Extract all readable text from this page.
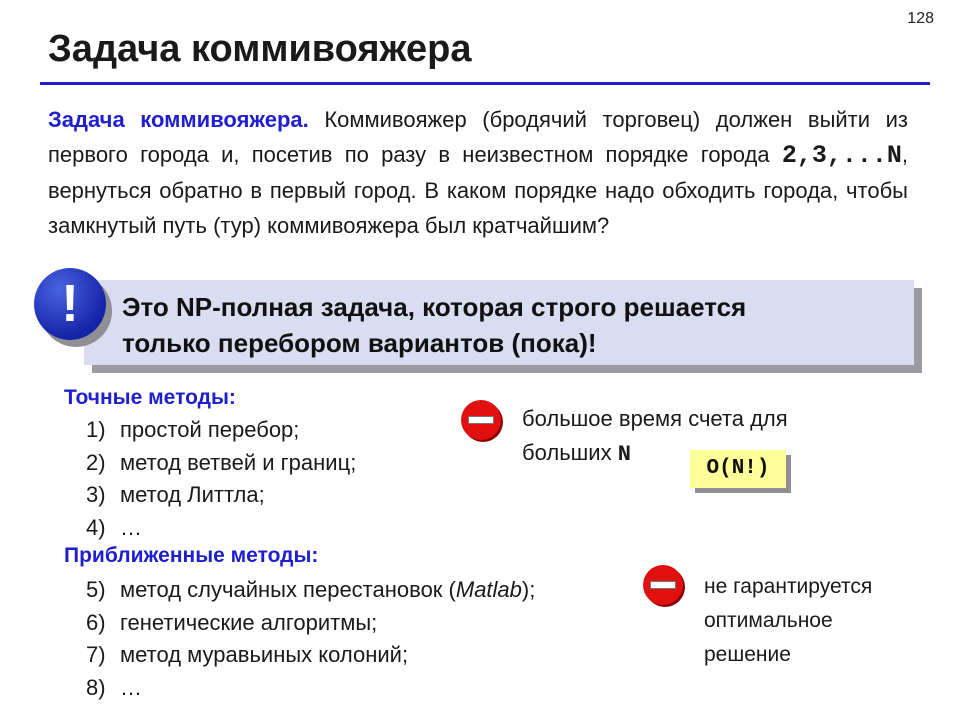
128
Задача коммивояжера
Задача коммивояжера. Коммивояжер (бродячий торговец) должен выйти из первого города и, посетив по разу в неизвестном порядке города 2,3,...N, вернуться обратно в первый город. В каком порядке надо обходить города, чтобы замкнутый путь (тур) коммивояжера был кратчайшим?
Это NP-полная задача, которая строго решается
только перебором вариантов (пока)!
!
Точные методы:
1) простой перебор;
2) метод ветвей и границ;
3) метод Литтла;
4) …
большое время счета для
больших N
O(N!)
Приближенные методы:
5) метод случайных перестановок (Matlab);
6) генетические алгоритмы;
7) метод муравьиных колоний;
8) …
не гарантируется
оптимальное
решение
